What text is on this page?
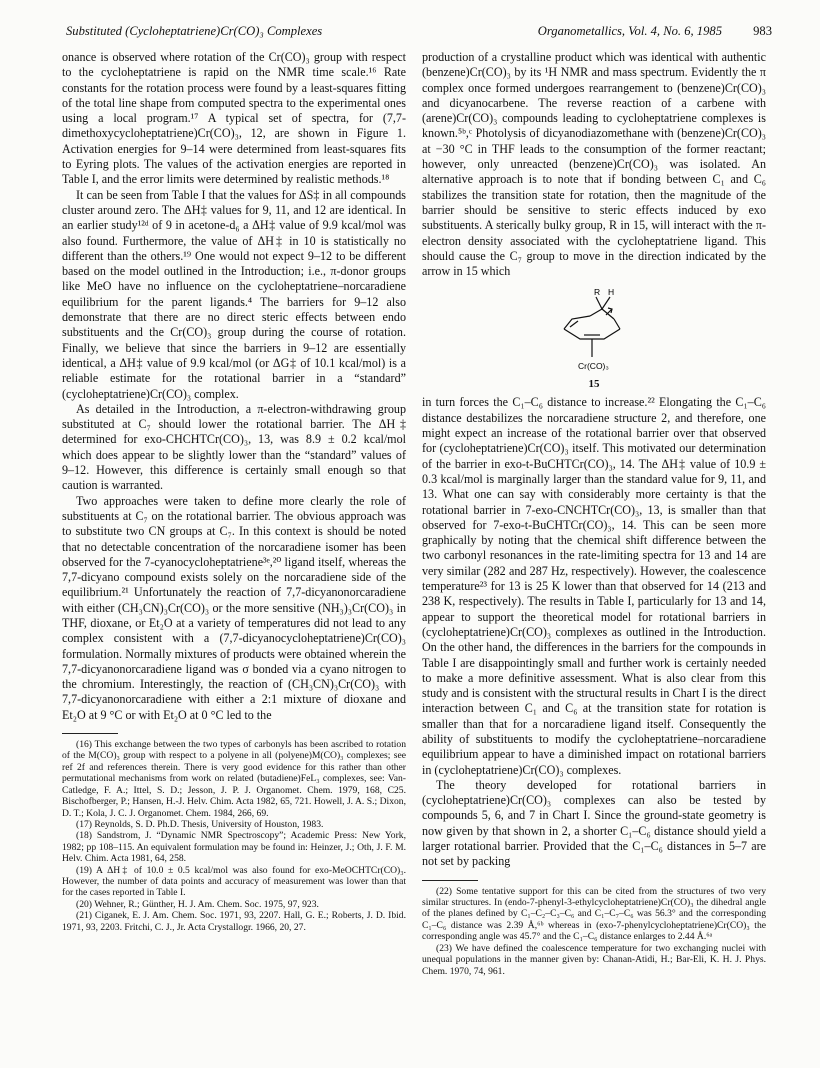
Substituted (Cycloheptatriene)Cr(CO)₃ Complexes	Organometallics, Vol. 4, No. 6, 1985 983

onance is observed where rotation of the Cr(CO)₃ group with respect to the cycloheptatriene is rapid on the NMR time scale.¹⁶ Rate constants for the rotation process were found by a least-squares fitting of the total line shape from computed spectra to the experimental ones using a local program.¹⁷ A typical set of spectra, for (7,7-dimethoxycycloheptatriene)Cr(CO)₃, 12, are shown in Figure 1. Activation energies for 9–14 were determined from least-squares fits to Eyring plots. The values of the activation energies are reported in Table I, and the error limits were determined by realistic methods.¹⁸

It can be seen from Table I that the values for ΔS‡ in all compounds cluster around zero. The ΔH‡ values for 9, 11, and 12 are identical. In an earlier study¹²ᵈ of 9 in acetone-d₆ a ΔH‡ value of 9.9 kcal/mol was also found. Furthermore, the value of ΔH‡ in 10 is statistically no different than the others.¹⁹ One would not expect 9–12 to be different based on the model outlined in the Introduction; i.e., π-donor groups like MeO have no influence on the cycloheptatriene–norcaradiene equilibrium for the parent ligands.⁴ The barriers for 9–12 also demonstrate that there are no direct steric effects between endo substituents and the Cr(CO)₃ group during the course of rotation. Finally, we believe that since the barriers in 9–12 are essentially identical, a ΔH‡ value of 9.9 kcal/mol (or ΔG‡ of 10.1 kcal/mol) is a reliable estimate for the rotational barrier in a “standard” (cycloheptatriene)Cr(CO)₃ complex.

As detailed in the Introduction, a π-electron-withdrawing group substituted at C₇ should lower the rotational barrier. The ΔH‡ determined for exo-CHCHTCr(CO)₃, 13, was 8.9 ± 0.2 kcal/mol which does appear to be slightly lower than the “standard” values of 9–12. However, this difference is certainly small enough so that caution is warranted.

Two approaches were taken to define more clearly the role of substituents at C₇ on the rotational barrier. The obvious approach was to substitute two CN groups at C₇. In this context is should be noted that no detectable concentration of the norcaradiene isomer has been observed for the 7-cyanocycloheptatriene³ᵉ,²⁰ ligand itself, whereas the 7,7-dicyano compound exists solely on the norcaradiene side of the equilibrium.²¹ Unfortunately the reaction of 7,7-dicyanonorcaradiene with either (CH₃CN)₃Cr(CO)₃ or the more sensitive (NH₃)₃Cr(CO)₃ in THF, dioxane, or Et₂O at a variety of temperatures did not lead to any complex consistent with a (7,7-dicyanocycloheptatriene)Cr(CO)₃ formulation. Normally mixtures of products were obtained wherein the 7,7-dicyanonorcaradiene ligand was σ bonded via a cyano nitrogen to the chromium. Interestingly, the reaction of (CH₃CN)₃Cr(CO)₃ with 7,7-dicyanonorcaradiene with either a 2:1 mixture of dioxane and Et₂O at 9 °C or with Et₂O at 0 °C led to the

(16) This exchange between the two types of carbonyls has been ascribed to rotation of the M(CO)₃ group with respect to a polyene in all (polyene)M(CO)₃ complexes; see ref 2f and references therein. There is very good evidence for this rather than other permutational mechanisms from work on related (butadiene)FeL₃ complexes, see: Van-Catledge, F. A.; Ittel, S. D.; Jesson, J. P. J. Organomet. Chem. 1979, 168, C25. Bischofberger, P.; Hansen, H.-J. Helv. Chim. Acta 1982, 65, 721. Howell, J. A. S.; Dixon, D. T.; Kola, J. C. J. Organomet. Chem. 1984, 266, 69.

(17) Reynolds, S. D. Ph.D. Thesis, University of Houston, 1983.

(18) Sandstrom, J. “Dynamic NMR Spectroscopy”; Academic Press: New York, 1982; pp 108–115. An equivalent formulation may be found in: Heinzer, J.; Oth, J. F. M. Helv. Chim. Acta 1981, 64, 258.

(19) A ΔH‡ of 10.0 ± 0.5 kcal/mol was also found for exo-MeOCHTCr(CO)₃. However, the number of data points and accuracy of measurement was lower than that for the cases reported in Table I.

(20) Wehner, R.; Günther, H. J. Am. Chem. Soc. 1975, 97, 923.

(21) Ciganek, E. J. Am. Chem. Soc. 1971, 93, 2207. Hall, G. E.; Roberts, J. D. Ibid. 1971, 93, 2203. Fritchi, C. J., Jr. Acta Crystallogr. 1966, 20, 27.

production of a crystalline product which was identical with authentic (benzene)Cr(CO)₃ by its ¹H NMR and mass spectrum. Evidently the π complex once formed undergoes rearrangement to (benzene)Cr(CO)₃ and dicyanocarbene. The reverse reaction of a carbene with (arene)Cr(CO)₃ compounds leading to cycloheptatriene complexes is known.⁵ᵇ,ᶜ Photolysis of dicyanodiazomethane with (benzene)Cr(CO)₃ at −30 °C in THF leads to the consumption of the former reactant; however, only unreacted (benzene)Cr(CO)₃ was isolated. An alternative approach is to note that if bonding between C₁ and C₆ stabilizes the transition state for rotation, then the magnitude of the barrier should be sensitive to steric effects induced by exo substituents. A sterically bulky group, R in 15, will interact with the π-electron density associated with the cycloheptatriene ligand. This should cause the C₇ group to move in the direction indicated by the arrow in 15 which

R H
Cr(CO)₃
15

in turn forces the C₁–C₆ distance to increase.²² Elongating the C₁–C₆ distance destabilizes the norcaradiene structure 2, and therefore, one might expect an increase of the rotational barrier over that observed for (cycloheptatriene)Cr(CO)₃ itself. This motivated our determination of the barrier in exo-t-BuCHTCr(CO)₃, 14. The ΔH‡ value of 10.9 ± 0.3 kcal/mol is marginally larger than the standard value for 9, 11, and 13. What one can say with considerably more certainty is that the rotational barrier in 7-exo-CNCHTCr(CO)₃, 13, is smaller than that observed for 7-exo-t-BuCHTCr(CO)₃, 14. This can be seen more graphically by noting that the chemical shift difference between the two carbonyl resonances in the rate-limiting spectra for 13 and 14 are very similar (282 and 287 Hz, respectively). However, the coalescence temperature²³ for 13 is 25 K lower than that observed for 14 (213 and 238 K, respectively). The results in Table I, particularly for 13 and 14, appear to support the theoretical model for rotational barriers in (cycloheptatriene)Cr(CO)₃ complexes as outlined in the Introduction. On the other hand, the differences in the barriers for the compounds in Table I are disappointingly small and further work is certainly needed to make a more definitive assessment. What is also clear from this study and is consistent with the structural results in Chart I is the direct interaction between C₁ and C₆ at the transition state for rotation is smaller than that for a norcaradiene ligand itself. Consequently the ability of substituents to modify the cycloheptatriene–norcaradiene equilibrium appear to have a diminished impact on rotational barriers in (cycloheptatriene)Cr(CO)₃ complexes.

The theory developed for rotational barriers in (cycloheptatriene)Cr(CO)₃ complexes can also be tested by compounds 5, 6, and 7 in Chart I. Since the ground-state geometry is now given by that shown in 2, a shorter C₁–C₆ distance should yield a larger rotational barrier. Provided that the C₁–C₆ distances in 5–7 are not set by packing

(22) Some tentative support for this can be cited from the structures of two very similar structures. In (endo-7-phenyl-3-ethylcycloheptatriene)Cr(CO)₃ the dihedral angle of the planes defined by C₁–C₂–C₃–C₆ and C₁–C₇–C₆ was 56.3° and the corresponding C₁–C₆ distance was 2.39 Å,⁶ᵇ whereas in (exo-7-phenylcycloheptatriene)Cr(CO)₃ the corresponding angle was 45.7° and the C₁–C₆ distance enlarges to 2.44 Å.⁶ᵃ

(23) We have defined the coalescence temperature for two exchanging nuclei with unequal populations in the manner given by: Chanan-Atidi, H.; Bar-Eli, K. H. J. Phys. Chem. 1970, 74, 961.
